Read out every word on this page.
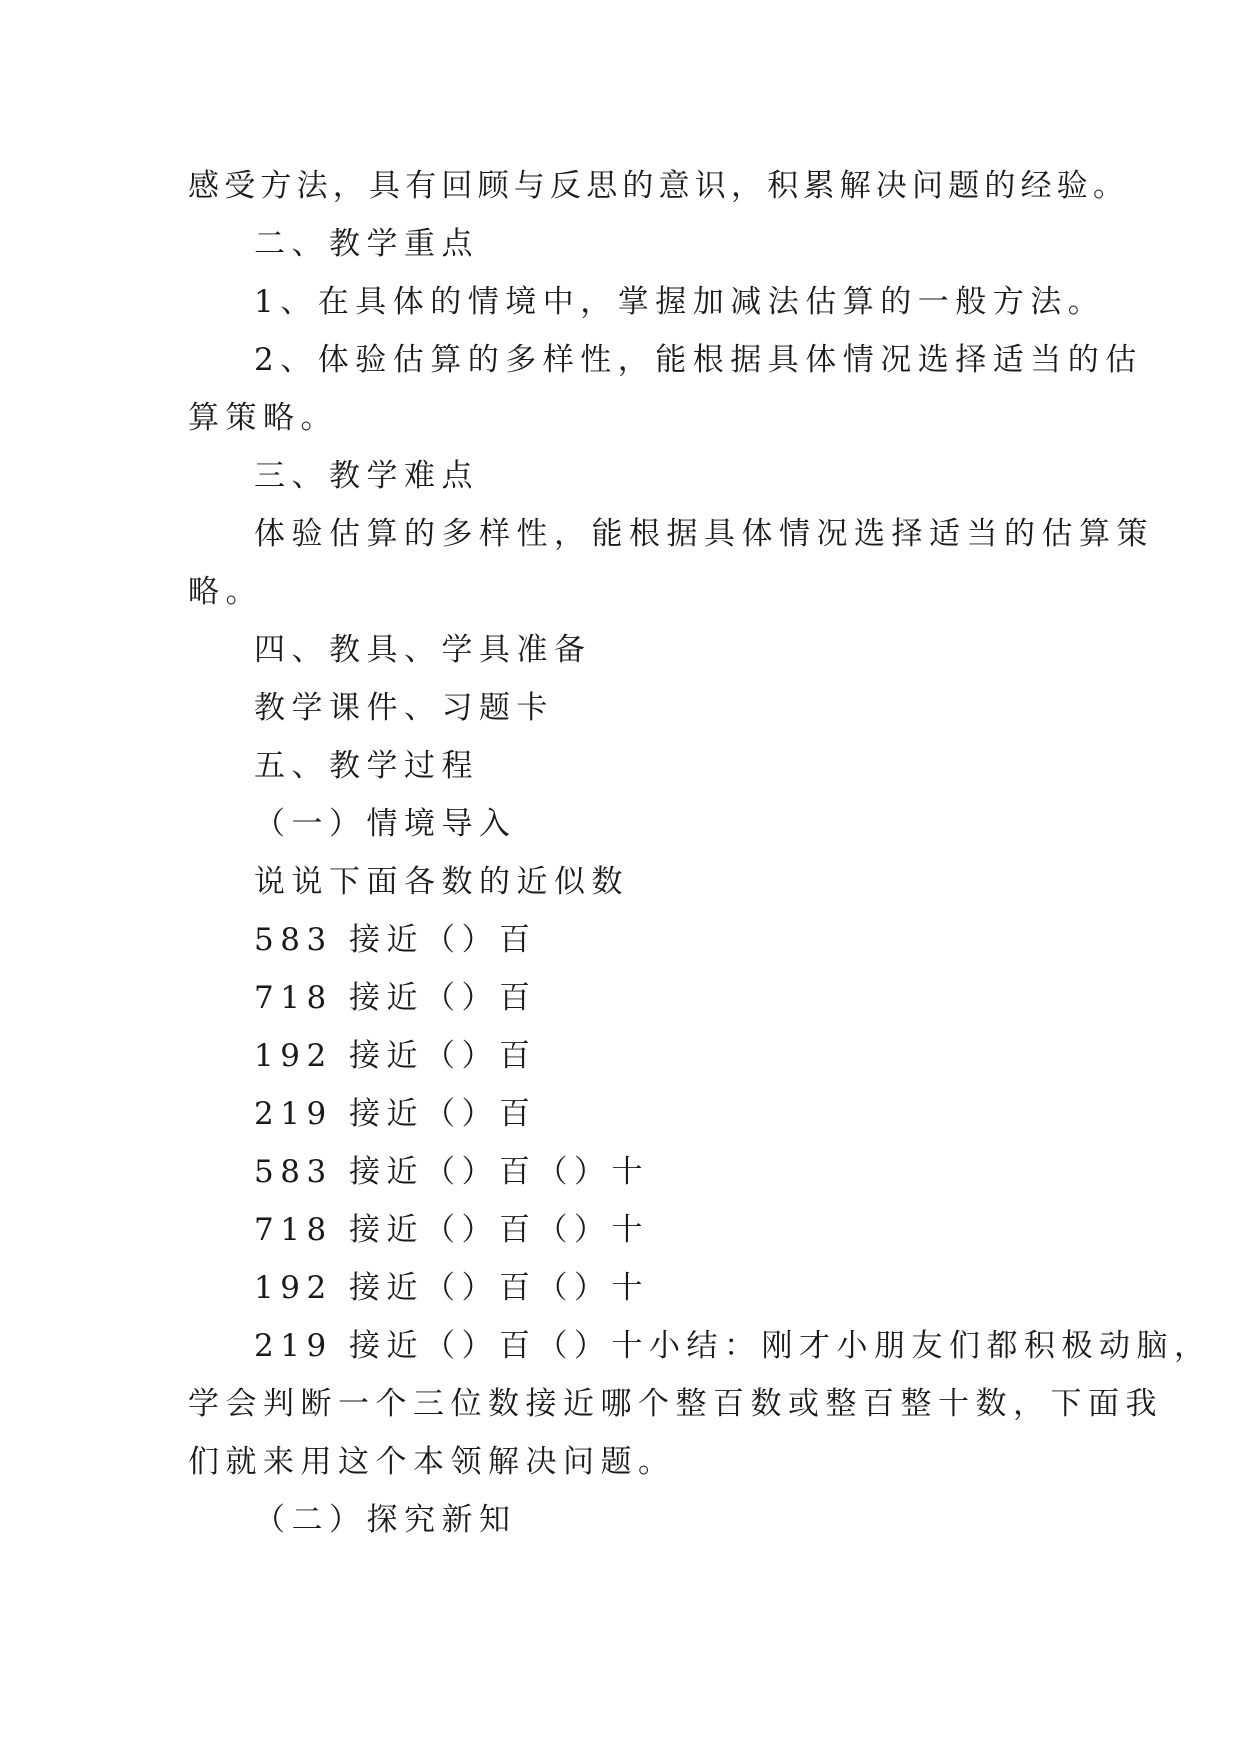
感受方法，具有回顾与反思的意识，积累解决问题的经验。
二、教学重点
1、在具体的情境中，掌握加减法估算的一般方法。
2、体验估算的多样性，能根据具体情况选择适当的估
算策略。
三、教学难点
体验估算的多样性，能根据具体情况选择适当的估算策
略。
四、教具、学具准备
教学课件、习题卡
五、教学过程
（一）情境导入
说说下面各数的近似数
583 接近（）百
718 接近（）百
192 接近（）百
219 接近（）百
583 接近（）百（）十
718 接近（）百（）十
192 接近（）百（）十
219 接近（）百（）十小结：刚才小朋友们都积极动脑，
学会判断一个三位数接近哪个整百数或整百整十数，下面我
们就来用这个本领解决问题。
（二）探究新知
